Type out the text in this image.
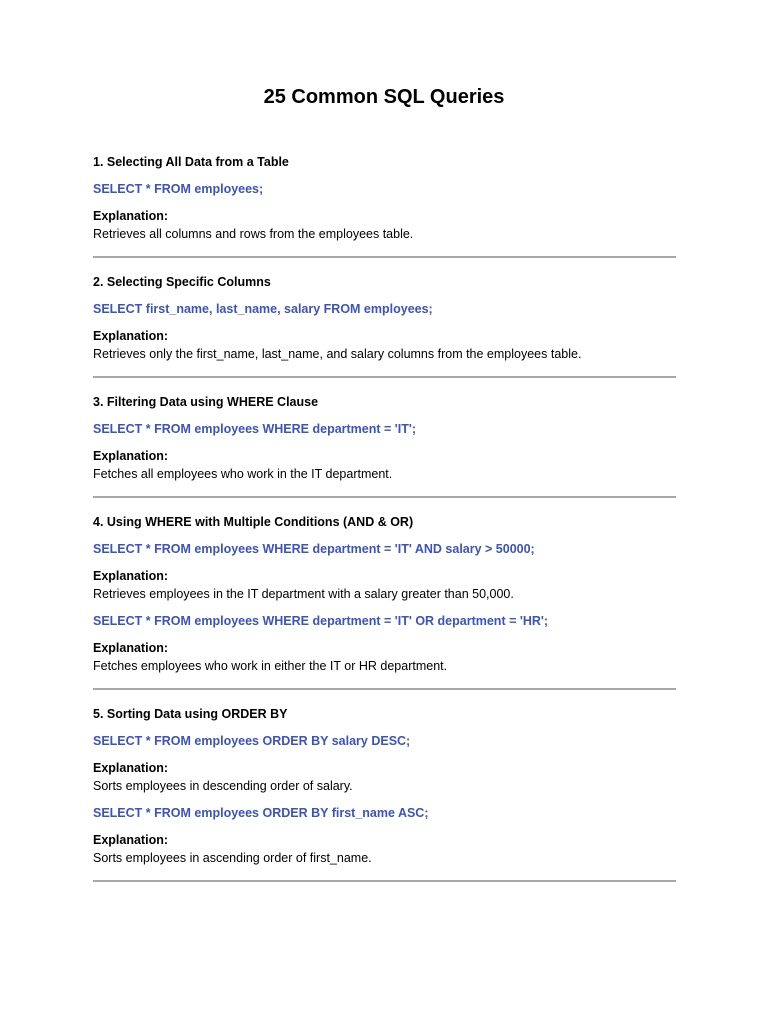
25 Common SQL Queries

1. Selecting All Data from a Table

SELECT * FROM employees;

Explanation:

Retrieves all columns and rows from the employees table.

2. Selecting Specific Columns

SELECT first_name, last_name, salary FROM employees;

Explanation:

Retrieves only the first_name, last_name, and salary columns from the employees table.

3. Filtering Data using WHERE Clause

SELECT * FROM employees WHERE department = 'IT';

Explanation:

Fetches all employees who work in the IT department.

4. Using WHERE with Multiple Conditions (AND & OR)

SELECT * FROM employees WHERE department = 'IT' AND salary > 50000;

Explanation:

Retrieves employees in the IT department with a salary greater than 50,000.

SELECT * FROM employees WHERE department = 'IT' OR department = 'HR';

Explanation:

Fetches employees who work in either the IT or HR department.

5. Sorting Data using ORDER BY

SELECT * FROM employees ORDER BY salary DESC;

Explanation:

Sorts employees in descending order of salary.

SELECT * FROM employees ORDER BY first_name ASC;

Explanation:

Sorts employees in ascending order of first_name.
